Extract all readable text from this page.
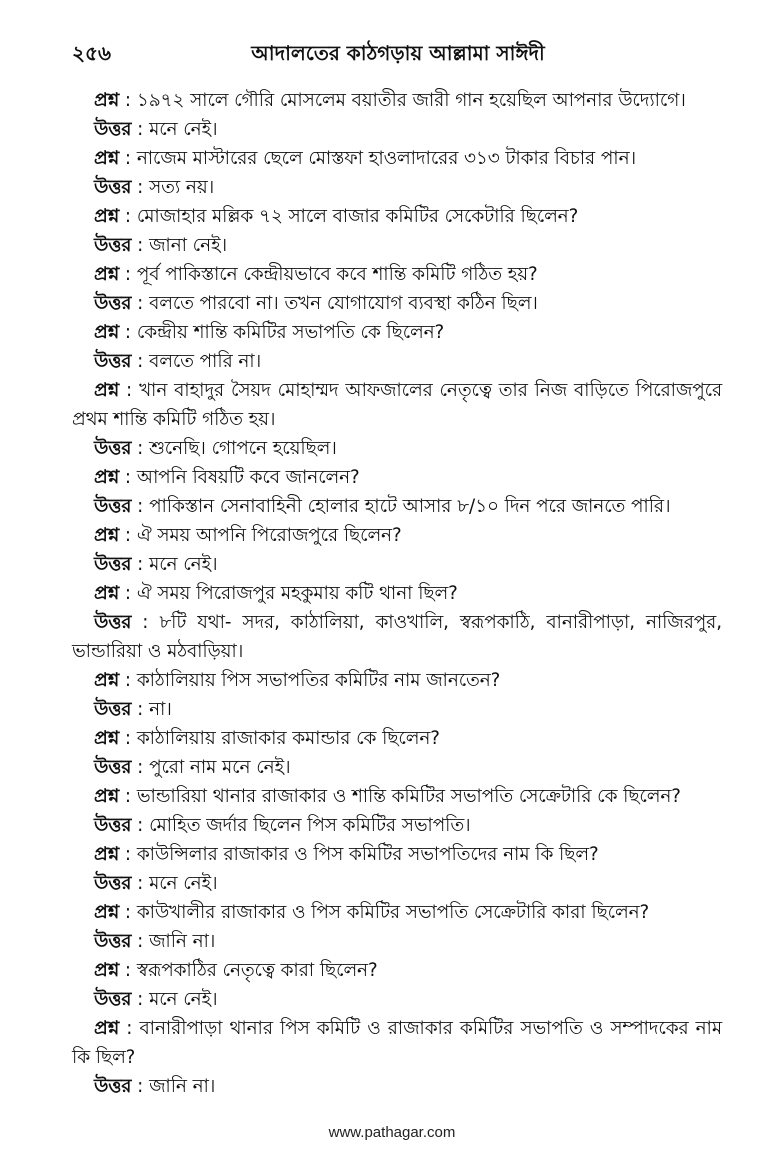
২৫৬	আদালতের কাঠগড়ায় আল্লামা সাঈদী

প্রশ্ন : ১৯৭২ সালে গৌরি মোসলেম বয়াতীর জারী গান হয়েছিল আপনার উদ্যোগে।

উত্তর : মনে নেই।

প্রশ্ন : নাজেম মাস্টারের ছেলে মোস্তফা হাওলাদারের ৩১৩ টাকার বিচার পান।

উত্তর : সত্য নয়।

প্রশ্ন : মোজাহার মল্লিক ৭২ সালে বাজার কমিটির সেকেটারি ছিলেন?

উত্তর : জানা নেই।

প্রশ্ন : পূর্ব পাকিস্তানে কেন্দ্রীয়ভাবে কবে শান্তি কমিটি গঠিত হয়?

উত্তর : বলতে পারবো না। তখন যোগাযোগ ব্যবস্থা কঠিন ছিল।

প্রশ্ন : কেন্দ্রীয় শান্তি কমিটির সভাপতি কে ছিলেন?

উত্তর : বলতে পারি না।

প্রশ্ন : খান বাহাদুর সৈয়দ মোহাম্মদ আফজালের নেতৃত্বে তার নিজ বাড়িতে পিরোজপুরে প্রথম শান্তি কমিটি গঠিত হয়।

উত্তর : শুনেছি। গোপনে হয়েছিল।

প্রশ্ন : আপনি বিষয়টি কবে জানলেন?

উত্তর : পাকিস্তান সেনাবাহিনী হোলার হাটে আসার ৮/১০ দিন পরে জানতে পারি।

প্রশ্ন : ঐ সময় আপনি পিরোজপুরে ছিলেন?

উত্তর : মনে নেই।

প্রশ্ন : ঐ সময় পিরোজপুর মহকুমায় কটি থানা ছিল?

উত্তর : ৮টি যথা- সদর, কাঠালিয়া, কাওখালি, স্বরূপকাঠি, বানারীপাড়া, নাজিরপুর, ভান্ডারিয়া ও মঠবাড়িয়া।

প্রশ্ন : কাঠালিয়ায় পিস সভাপতির কমিটির নাম জানতেন?

উত্তর : না।

প্রশ্ন : কাঠালিয়ায় রাজাকার কমান্ডার কে ছিলেন?

উত্তর : পুরো নাম মনে নেই।

প্রশ্ন : ভান্ডারিয়া থানার রাজাকার ও শান্তি কমিটির সভাপতি সেক্রেটারি কে ছিলেন?

উত্তর : মোহিত জর্দার ছিলেন পিস কমিটির সভাপতি।

প্রশ্ন : কাউন্সিলার রাজাকার ও পিস কমিটির সভাপতিদের নাম কি ছিল?

উত্তর : মনে নেই।

প্রশ্ন : কাউখালীর রাজাকার ও পিস কমিটির সভাপতি সেক্রেটারি কারা ছিলেন?

উত্তর : জানি না।

প্রশ্ন : স্বরূপকাঠির নেতৃত্বে কারা ছিলেন?

উত্তর : মনে নেই।

প্রশ্ন : বানারীপাড়া থানার পিস কমিটি ও রাজাকার কমিটির সভাপতি ও সম্পাদকের নাম কি ছিল?

উত্তর : জানি না।

www.pathagar.com
